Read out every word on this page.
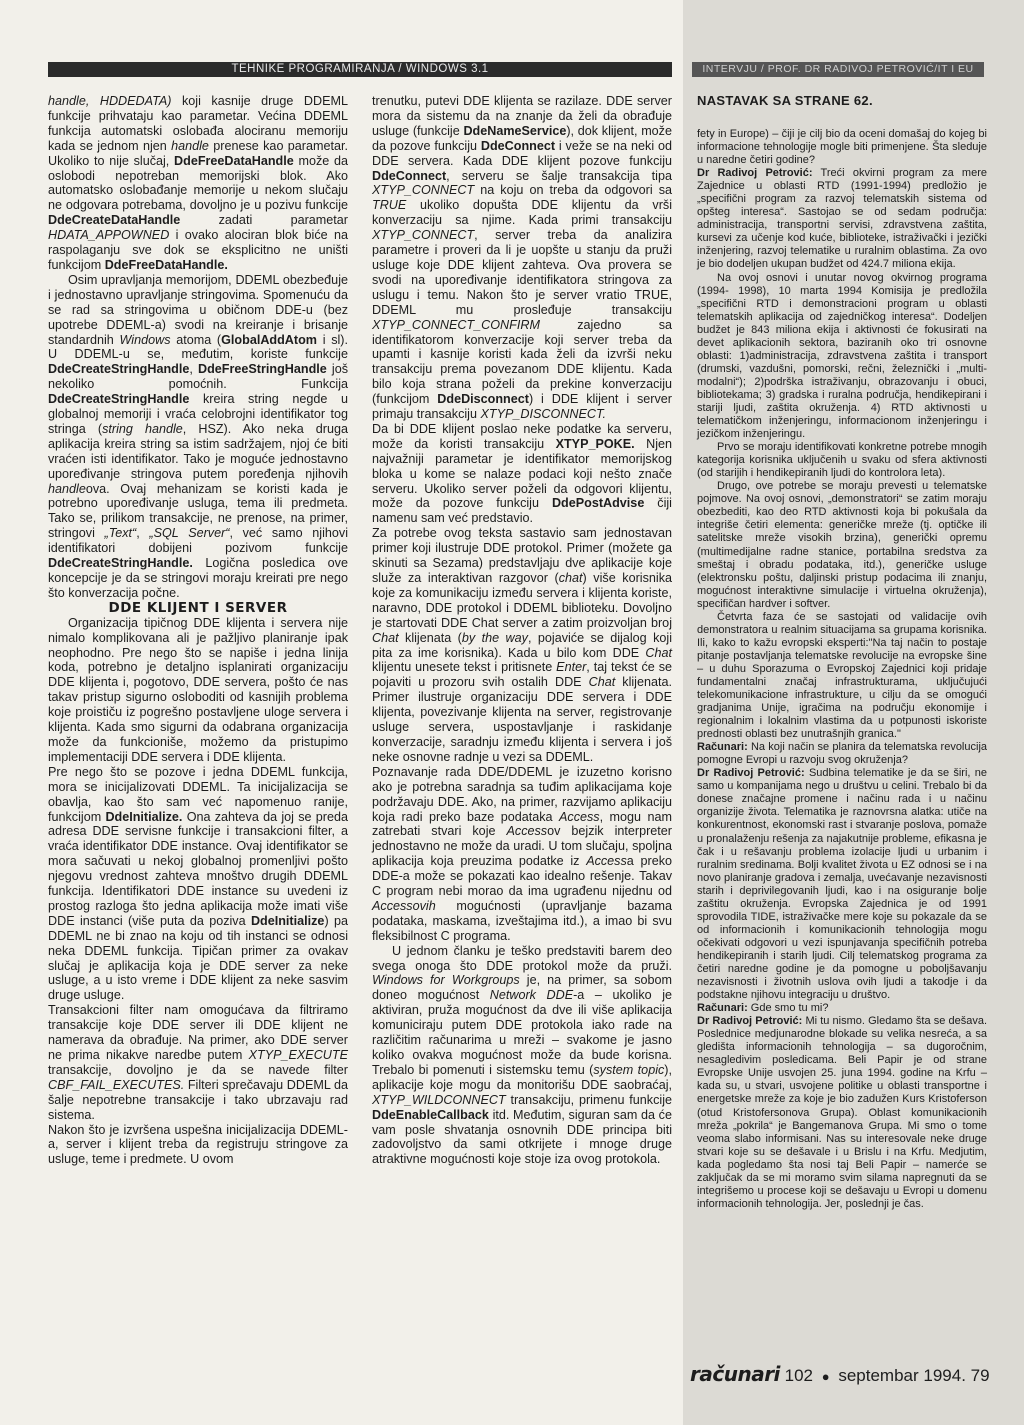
TEHNIKE PROGRAMIRANJA / WINDOWS 3.1	INTERVJU / PROF. DR RADIVOJ PETROVIĆ/IT I EU

handle, HDDEDATA) koji kasnije druge DDEML funkcije prihvataju kao parametar. Većina DDEML funkcija automatski oslobađa alociranu memoriju kada se jednom njen handle prenese kao parametar. Ukoliko to nije slučaj, DdeFreeDataHandle može da oslobodi nepotreban memorijski blok. Ako automatsko oslobađanje memorije u nekom slučaju ne odgovara potrebama, dovoljno je u pozivu funkcije DdeCreateDataHandle zadati parametar HDATA_APPOWNED i ovako alociran blok biće na raspolaganju sve dok se eksplicitno ne uništi funkcijom DdeFreeDataHandle.

Osim upravljanja memorijom, DDEML obezbeđuje i jednostavno upravljanje stringovima. Spomenuću da se rad sa stringovima u običnom DDE-u (bez upotrebe DDEML-a) svodi na kreiranje i brisanje standardnih Windows atoma (GlobalAddAtom i sl). U DDEML-u se, međutim, koriste funkcije DdeCreateStringHandle, DdeFreeStringHandle još nekoliko pomoćnih. Funkcija DdeCreateStringHandle kreira string negde u globalnoj memoriji i vraća celobrojni identifikator tog stringa (string handle, HSZ). Ako neka druga aplikacija kreira string sa istim sadržajem, njoj će biti vraćen isti identifikator. Tako je moguće jednostavno upoređivanje stringova putem poređenja njihovih handleova. Ovaj mehanizam se koristi kada je potrebno upoređivanje usluga, tema ili predmeta. Tako se, prilikom transakcije, ne prenose, na primer, stringovi „Text“, „SQL Server“, već samo njihovi identifikatori dobijeni pozivom funkcije DdeCreateStringHandle. Logična posledica ove koncepcije je da se stringovi moraju kreirati pre nego što konverzacija počne.

DDE KLIJENT I SERVER

Organizacija tipičnog DDE klijenta i servera nije nimalo komplikovana ali je pažljivo planiranje ipak neophodno. Pre nego što se napiše i jedna linija koda, potrebno je detaljno isplanirati organizaciju DDE klijenta i, pogotovo, DDE servera, pošto će nas takav pristup sigurno osloboditi od kasnijih problema koje proističu iz pogrešno postavljene uloge servera i klijenta. Kada smo sigurni da odabrana organizacija može da funkcioniše, možemo da pristupimo implementaciji DDE servera i DDE klijenta.

Pre nego što se pozove i jedna DDEML funkcija, mora se inicijalizovati DDEML. Ta inicijalizacija se obavlja, kao što sam već napomenuo ranije, funkcijom DdeInitialize. Ona zahteva da joj se preda adresa DDE servisne funkcije i transakcioni filter, a vraća identifikator DDE instance. Ovaj identifikator se mora sačuvati u nekoj globalnoj promenljivi pošto njegovu vrednost zahteva mnoštvo drugih DDEML funkcija. Identifikatori DDE instance su uvedeni iz prostog razloga što jedna aplikacija može imati više DDE instanci (više puta da poziva DdeInitialize) pa DDEML ne bi znao na koju od tih instanci se odnosi neka DDEML funkcija. Tipičan primer za ovakav slučaj je aplikacija koja je DDE server za neke usluge, a u isto vreme i DDE klijent za neke sasvim druge usluge.

Transakcioni filter nam omogućava da filtriramo transakcije koje DDE server ili DDE klijent ne namerava da obrađuje. Na primer, ako DDE server ne prima nikakve naredbe putem XTYP_EXECUTE transakcije, dovoljno je da se navede filter CBF_FAIL_EXECUTES. Filteri sprečavaju DDEML da šalje nepotrebne transakcije i tako ubrzavaju rad sistema.

Nakon što je izvršena uspešna inicijalizacija DDEML-a, server i klijent treba da registruju stringove za usluge, teme i predmete. U ovom

trenutku, putevi DDE klijenta se razilaze. DDE server mora da sistemu da na znanje da želi da obrađuje usluge (funkcije DdeNameService), dok klijent, može da pozove funkciju DdeConnect i veže se na neki od DDE servera. Kada DDE klijent pozove funkciju DdeConnect, serveru se šalje transakcija tipa XTYP_CONNECT na koju on treba da odgovori sa TRUE ukoliko dopušta DDE klijentu da vrši konverzaciju sa njime. Kada primi transakciju XTYP_CONNECT, server treba da analizira parametre i proveri da li je uopšte u stanju da pruži usluge koje DDE klijent zahteva. Ova provera se svodi na upoređivanje identifikatora stringova za uslugu i temu. Nakon što je server vratio TRUE, DDEML mu prosleđuje transakciju XTYP_CONNECT_CONFIRM zajedno sa identifikatorom konverzacije koji server treba da upamti i kasnije koristi kada želi da izvrši neku transakciju prema povezanom DDE klijentu. Kada bilo koja strana poželi da prekine konverzaciju (funkcijom DdeDisconnect) i DDE klijent i server primaju transakciju XTYP_DISCONNECT.

Da bi DDE klijent poslao neke podatke ka serveru, može da koristi transakciju XTYP_POKE. Njen najvažniji parametar je identifikator memorijskog bloka u kome se nalaze podaci koji nešto znače serveru. Ukoliko server poželi da odgovori klijentu, može da pozove funkciju DdePostAdvise čiji namenu sam već predstavio.

Za potrebe ovog teksta sastavio sam jednostavan primer koji ilustruje DDE protokol. Primer (možete ga skinuti sa Sezama) predstavljaju dve aplikacije koje služe za interaktivan razgovor (chat) više korisnika koje za komunikaciju između servera i klijenta koriste, naravno, DDE protokol i DDEML biblioteku. Dovoljno je startovati DDE Chat server a zatim proizvoljan broj Chat klijenata (by the way, pojaviće se dijalog koji pita za ime korisnika). Kada u bilo kom DDE Chat klijentu unesete tekst i pritisnete Enter, taj tekst će se pojaviti u prozoru svih ostalih DDE Chat klijenata. Primer ilustruje organizaciju DDE servera i DDE klijenta, povezivanje klijenta na server, registrovanje usluge servera, uspostavljanje i raskidanje konverzacije, saradnju između klijenta i servera i još neke osnovne radnje u vezi sa DDEML.

Poznavanje rada DDE/DDEML je izuzetno korisno ako je potrebna saradnja sa tuđim aplikacijama koje podržavaju DDE. Ako, na primer, razvijamo aplikaciju koja radi preko baze podataka Access, mogu nam zatrebati stvari koje Accessov bejzik interpreter jednostavno ne može da uradi. U tom slučaju, spoljna aplikacija koja preuzima podatke iz Accessa preko DDE-a može se pokazati kao idealno rešenje. Takav C program nebi morao da ima ugrađenu nijednu od Accessovih mogućnosti (upravljanje bazama podataka, maskama, izveštajima itd.), a imao bi svu fleksibilnost C programa.

U jednom članku je teško predstaviti barem deo svega onoga što DDE protokol može da pruži. Windows for Workgroups je, na primer, sa sobom doneo mogućnost Network DDE-a – ukoliko je aktiviran, pruža mogućnost da dve ili više aplikacija komuniciraju putem DDE protokola iako rade na različitim računarima u mreži – svakome je jasno koliko ovakva mogućnost može da bude korisna. Trebalo bi pomenuti i sistemsku temu (system topic), aplikacije koje mogu da monitorišu DDE saobraćaj, XTYP_WILDCONNECT transakciju, primenu funkcije DdeEnableCallback itd. Međutim, siguran sam da će vam posle shvatanja osnovnih DDE principa biti zadovoljstvo da sami otkrijete i mnoge druge atraktivne mogućnosti koje stoje iza ovog protokola.

NASTAVAK SA STRANE 62.

fety in Europe) – čiji je cilj bio da oceni domašaj do kojeg bi informacione tehnologije mogle biti primenjene. Šta sleduje u naredne četiri godine?

Dr Radivoj Petrović: Treći okvirni program za mere Zajednice u oblasti RTD (1991-1994) predložio je „specifični program za razvoj telematskih sistema od opšteg interesa“. Sastojao se od sedam područja: administracija, transportni servisi, zdravstvena zaštita, kursevi za učenje kod kuće, biblioteke, istraživački i jezički inženjering, razvoj telematike u ruralnim oblastima. Za ovo je bio dodeljen ukupan budžet od 424.7 miliona ekija.

Na ovoj osnovi i unutar novog okvirnog programa (1994- 1998), 10 marta 1994 Komisija je predložila „specifični RTD i demonstracioni program u oblasti telematskih aplikacija od zajedničkog interesa“. Dodeljen budžet je 843 miliona ekija i aktivnosti će fokusirati na devet aplikacionih sektora, baziranih oko tri osnovne oblasti: 1)administracija, zdravstvena zaštita i transport (drumski, vazdušni, pomorski, rečni, železnički i „multi- modalni“); 2)podrška istraživanju, obrazovanju i obuci, bibliotekama; 3) gradska i ruralna područja, hendikepirani i stariji ljudi, zaštita okruženja. 4) RTD aktivnosti u telematičkom inženjeringu, informacionom inženjeringu i jezičkom inženjeringu.

Prvo se moraju identifikovati konkretne potrebe mnogih kategorija korisnika uključenih u svaku od sfera aktivnosti (od starijih i hendikepiranih ljudi do kontrolora leta).

Drugo, ove potrebe se moraju prevesti u telematske pojmove. Na ovoj osnovi, „demonstratori“ se zatim moraju obezbediti, kao deo RTD aktivnosti koja bi pokušala da integriše četiri elementa: generičke mreže (tj. optičke ili satelitske mreže visokih brzina), generički opremu (multimedijalne radne stanice, portabilna sredstva za smeštaj i obradu podataka, itd.), generičke usluge (elektronsku poštu, daljinski pristup podacima ili znanju, mogućnost interaktivne simulacije i virtuelna okruženja), specifičan hardver i softver.

Četvrta faza će se sastojati od validacije ovih demonstratora u realnim situacijama sa grupama korisnika. Ili, kako to kažu evropski eksperti:"Na taj način to postaje pitanje postavljanja telematske revolucije na evropske šine – u duhu Sporazuma o Evropskoj Zajednici koji pridaje fundamentalni značaj infrastrukturama, uključujući telekomunikacione infrastrukture, u cilju da se omogući gradjanima Unije, igračima na području ekonomije i regionalnim i lokalnim vlastima da u potpunosti iskoriste prednosti oblasti bez unutrašnjih granica."

Računari: Na koji način se planira da telematska revolucija pomogne Evropi u razvoju svog okruženja?

Dr Radivoj Petrović: Sudbina telematike je da se širi, ne samo u kompanijama nego u društvu u celini. Trebalo bi da donese značajne promene i načinu rada i u načinu organizije života. Telematika je raznovrsna alatka: utiče na konkurentnost, ekonomski rast i stvaranje poslova, pomaže u pronalaženju rešenja za najakutnije probleme, efikasna je čak i u rešavanju problema izolacije ljudi u urbanim i ruralnim sredinama. Bolji kvalitet života u EZ odnosi se i na novo planiranje gradova i zemalja, uvećavanje nezavisnosti starih i deprivilegovanih ljudi, kao i na osiguranje bolje zaštitu okruženja. Evropska Zajednica je od 1991 sprovodila TIDE, istraživačke mere koje su pokazale da se od informacionih i komunikacionih tehnologija mogu očekivati odgovori u vezi ispunjavanja specifičnih potreba hendikepiranih i starih ljudi. Cilj telematskog programa za četiri naredne godine je da pomogne u poboljšavanju nezavisnosti i životnih uslova ovih ljudi a takodje i da podstakne njihovu integraciju u društvo.

Računari: Gde smo tu mi?

Dr Radivoj Petrović: Mi tu nismo. Gledamo šta se dešava. Poslednice medjunarodne blokade su velika nesreća, a sa gledišta informacionih tehnologija – sa dugoročnim, nesagledivim posledicama. Beli Papir je od strane Evropske Unije usvojen 25. juna 1994. godine na Krfu – kada su, u stvari, usvojene politike u oblasti transportne i energetske mreže za koje je bio zadužen Kurs Kristoferson (otud Kristofersonova Grupa). Oblast komunikacionih mreža „pokrila“ je Bangemanova Grupa. Mi smo o tome veoma slabo informisani. Nas su interesovale neke druge stvari koje su se dešavale i u Brislu i na Krfu. Medjutim, kada pogledamo šta nosi taj Beli Papir – namerće se zaključak da se mi moramo svim silama napregnuti da se integrišemo u procese koji se dešavaju u Evropi u domenu informacionih tehnologija. Jer, poslednji je čas.

računari 102 ● septembar 1994. 79
